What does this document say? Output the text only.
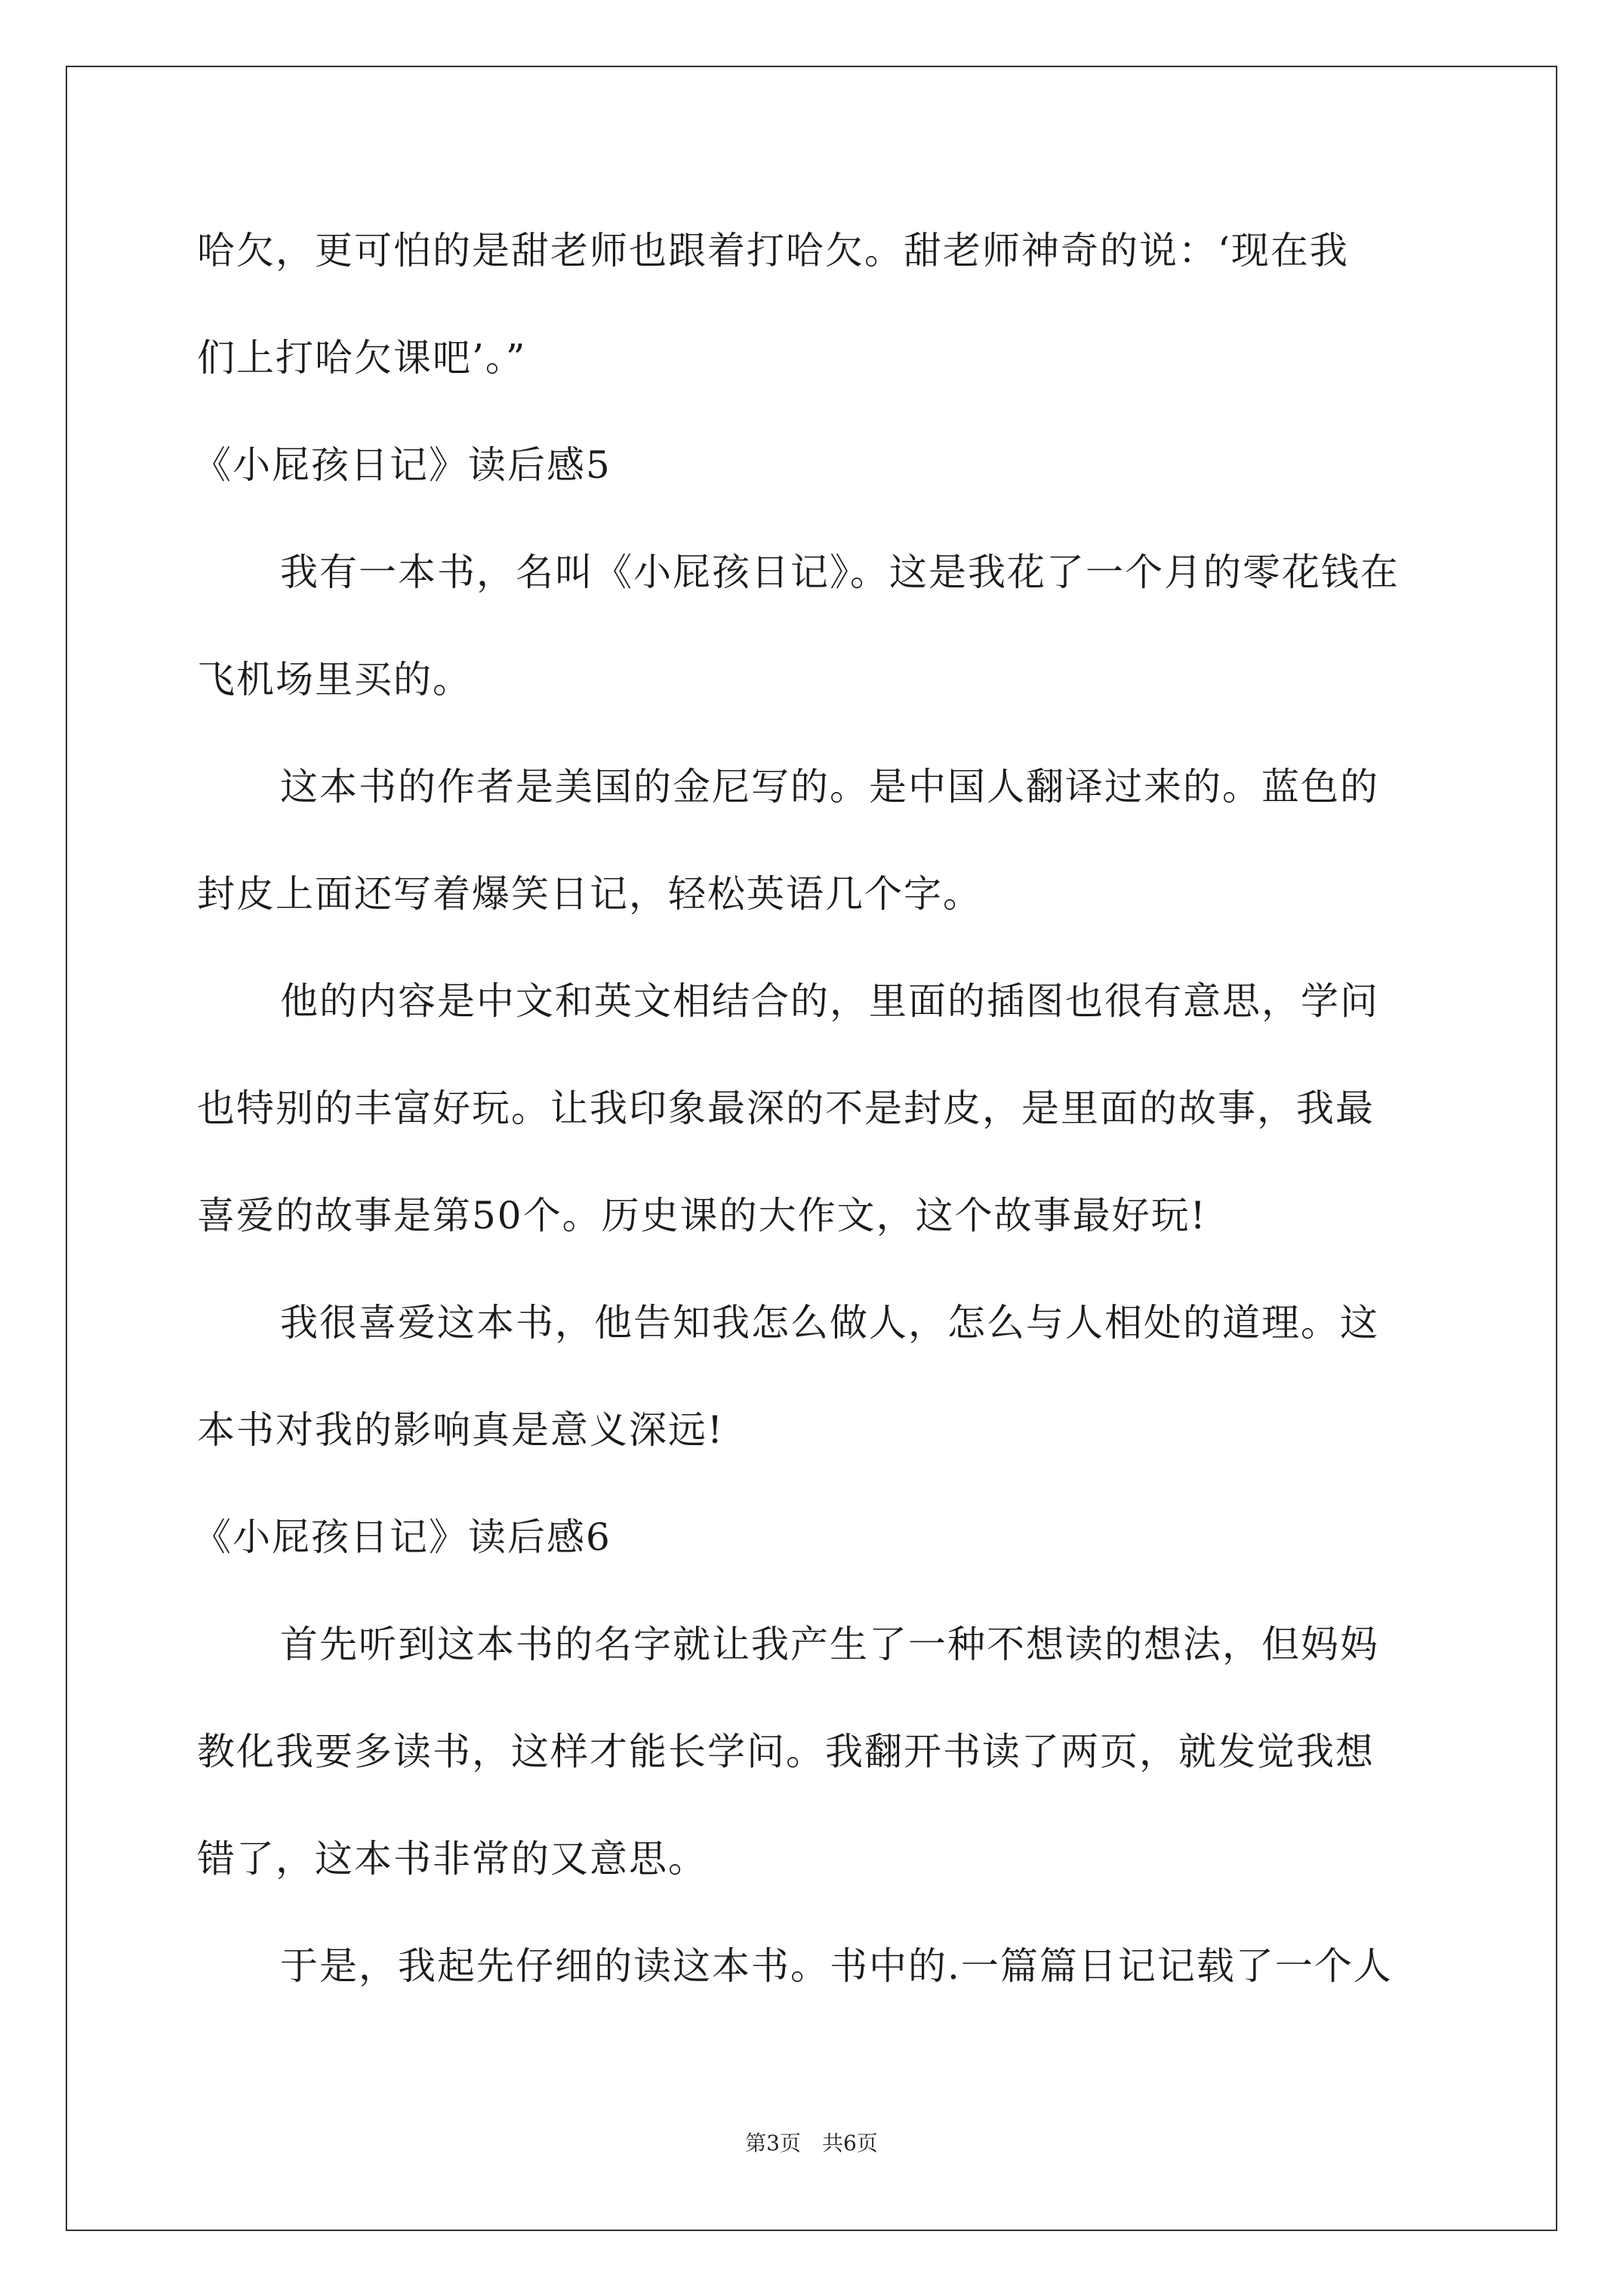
哈欠，更可怕的是甜老师也跟着打哈欠。甜老师神奇的说：‘现在我
们上打哈欠课吧’。”
《小屁孩日记》读后感5
我有一本书，名叫《小屁孩日记》。这是我花了一个月的零花钱在
飞机场里买的。
这本书的作者是美国的金尼写的。是中国人翻译过来的。蓝色的
封皮上面还写着爆笑日记，轻松英语几个字。
他的内容是中文和英文相结合的，里面的插图也很有意思，学问
也特别的丰富好玩。让我印象最深的不是封皮，是里面的故事，我最
喜爱的故事是第50个。历史课的大作文，这个故事最好玩!
我很喜爱这本书，他告知我怎么做人，怎么与人相处的道理。这
本书对我的影响真是意义深远!
《小屁孩日记》读后感6
首先听到这本书的名字就让我产生了一种不想读的想法，但妈妈
教化我要多读书，这样才能长学问。我翻开书读了两页，就发觉我想
错了，这本书非常的又意思。
于是，我起先仔细的读这本书。书中的.一篇篇日记记载了一个人
第3页　共6页
